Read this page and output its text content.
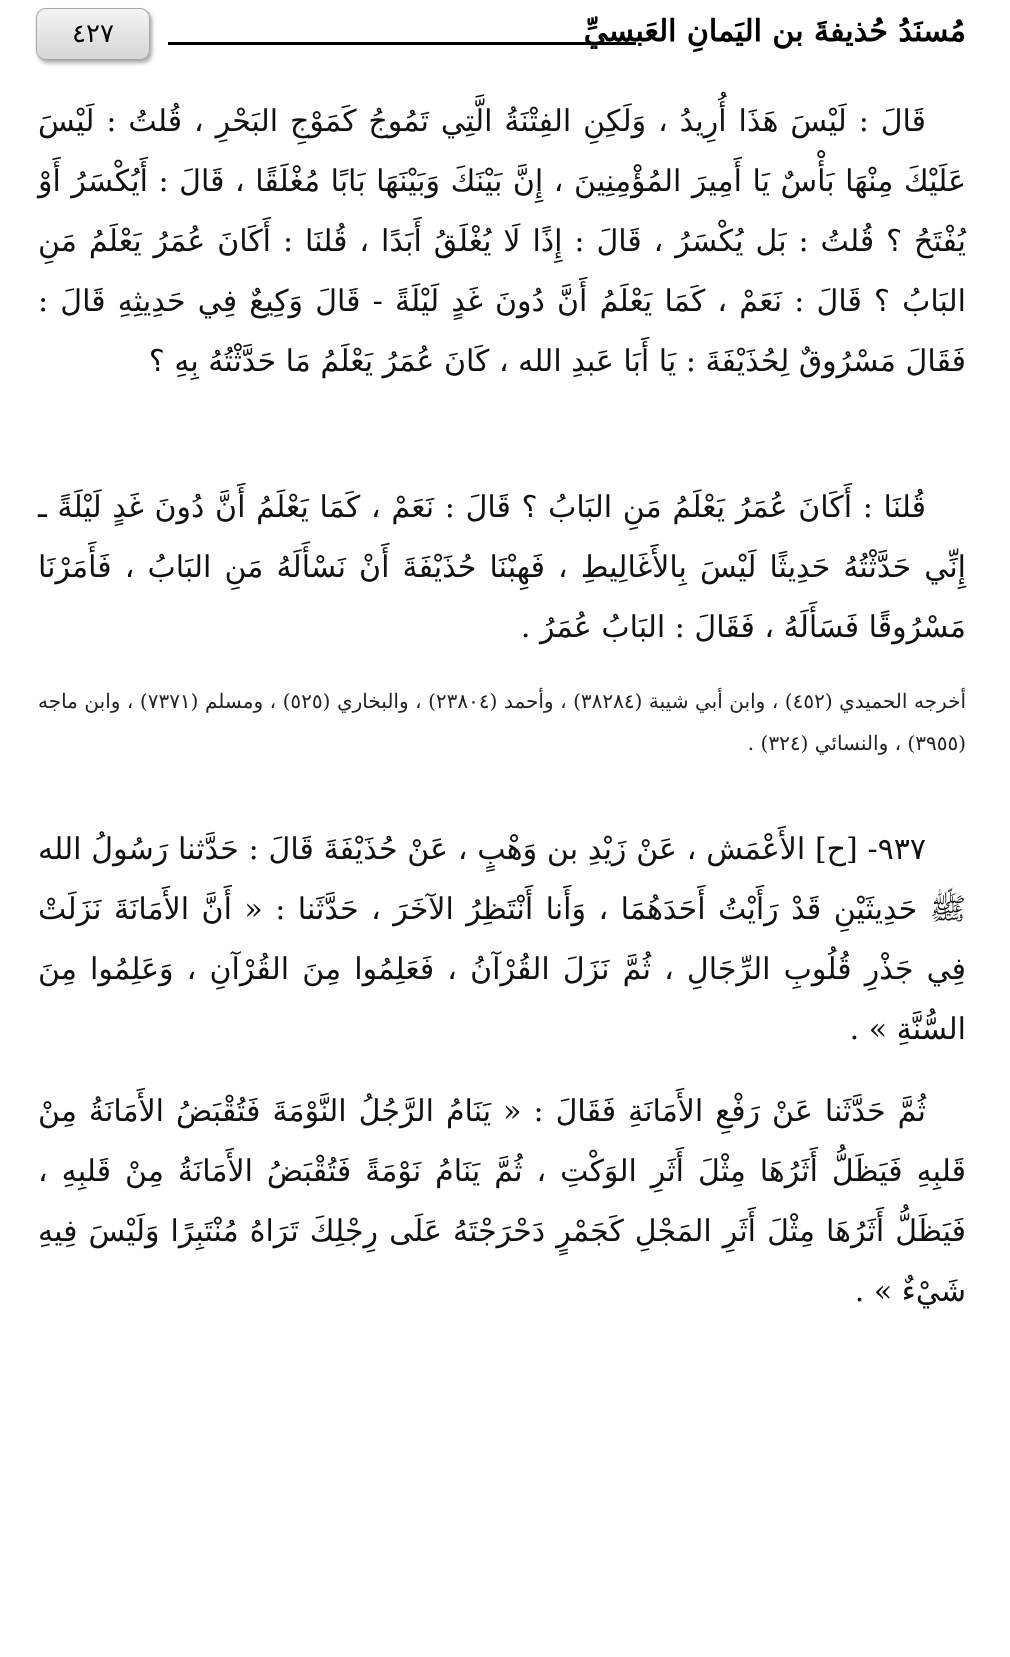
مُسنَدُ حُذيفةَ بن اليَمانِ العَبسيِّ
٤٢٧

قَالَ : لَيْسَ هَذَا أُرِيدُ ، وَلَكِنِ الفِتْنَةُ الَّتِي تَمُوجُ كَمَوْجِ البَحْرِ ، قُلتُ : لَيْسَ عَلَيْكَ مِنْهَا بَأْسٌ يَا أَمِيرَ المُؤْمِنِينَ ، إِنَّ بَيْنَكَ وَبَيْنَهَا بَابًا مُغْلَقًا ، قَالَ : أَيُكْسَرُ أَوْ يُفْتَحُ ؟ قُلتُ : بَل يُكْسَرُ ، قَالَ : إِذًا لَا يُغْلَقُ أَبَدًا ، قُلنَا : أَكَانَ عُمَرُ يَعْلَمُ مَنِ البَابُ ؟ قَالَ : نَعَمْ ، كَمَا يَعْلَمُ أَنَّ دُونَ غَدٍ لَيْلَةً - قَالَ وَكِيعٌ فِي حَدِيثِهِ قَالَ : فَقَالَ مَسْرُوقٌ لِحُذَيْفَةَ : يَا أَبَا عَبدِ الله ، كَانَ عُمَرُ يَعْلَمُ مَا حَدَّثْتُهُ بِهِ ؟

قُلنَا : أَكَانَ عُمَرُ يَعْلَمُ مَنِ البَابُ ؟ قَالَ : نَعَمْ ، كَمَا يَعْلَمُ أَنَّ دُونَ غَدٍ لَيْلَةً ـ إِنِّي حَدَّثْتُهُ حَدِيثًا لَيْسَ بِالأَغَالِيطِ ، فَهِبْنَا حُذَيْفَةَ أَنْ نَسْأَلَهُ مَنِ البَابُ ، فَأَمَرْنَا مَسْرُوقًا فَسَأَلَهُ ، فَقَالَ : البَابُ عُمَرُ .

أخرجه الحميدي (٤٥٢) ، وابن أبي شيبة (٣٨٢٨٤) ، وأحمد (٢٣٨٠٤) ، والبخاري (٥٢٥) ، ومسلم (٧٣٧١) ، وابن ماجه (٣٩٥٥) ، والنسائي (٣٢٤) .

٩٣٧- [ح] الأَعْمَش ، عَنْ زَيْدِ بن وَهْبٍ ، عَنْ حُذَيْفَةَ قَالَ : حَدَّثنا رَسُولُ الله ﷺ حَدِيثَيْنِ قَدْ رَأَيْتُ أَحَدَهُمَا ، وَأَنا أَنْتَظِرُ الآخَرَ ، حَدَّثَنا : « أَنَّ الأَمَانَةَ نَزَلَتْ فِي جَذْرِ قُلُوبِ الرِّجَالِ ، ثُمَّ نَزَلَ القُرْآنُ ، فَعَلِمُوا مِنَ القُرْآنِ ، وَعَلِمُوا مِنَ السُّنَّةِ » .

ثُمَّ حَدَّثَنا عَنْ رَفْعِ الأَمَانَةِ فَقَالَ : « يَنَامُ الرَّجُلُ النَّوْمَةَ فَتُقْبَضُ الأَمَانَةُ مِنْ قَلبِهِ فَيَظَلُّ أَثَرُهَا مِثْلَ أَثَرِ الوَكْتِ ، ثُمَّ يَنَامُ نَوْمَةً فَتُقْبَضُ الأَمَانَةُ مِنْ قَلبِهِ ، فَيَظَلُّ أَثَرُهَا مِثْلَ أَثَرِ المَجْلِ كَجَمْرٍ دَحْرَجْتَهُ عَلَى رِجْلِكَ تَرَاهُ مُنْتَبِرًا وَلَيْسَ فِيهِ شَيْءٌ » .
